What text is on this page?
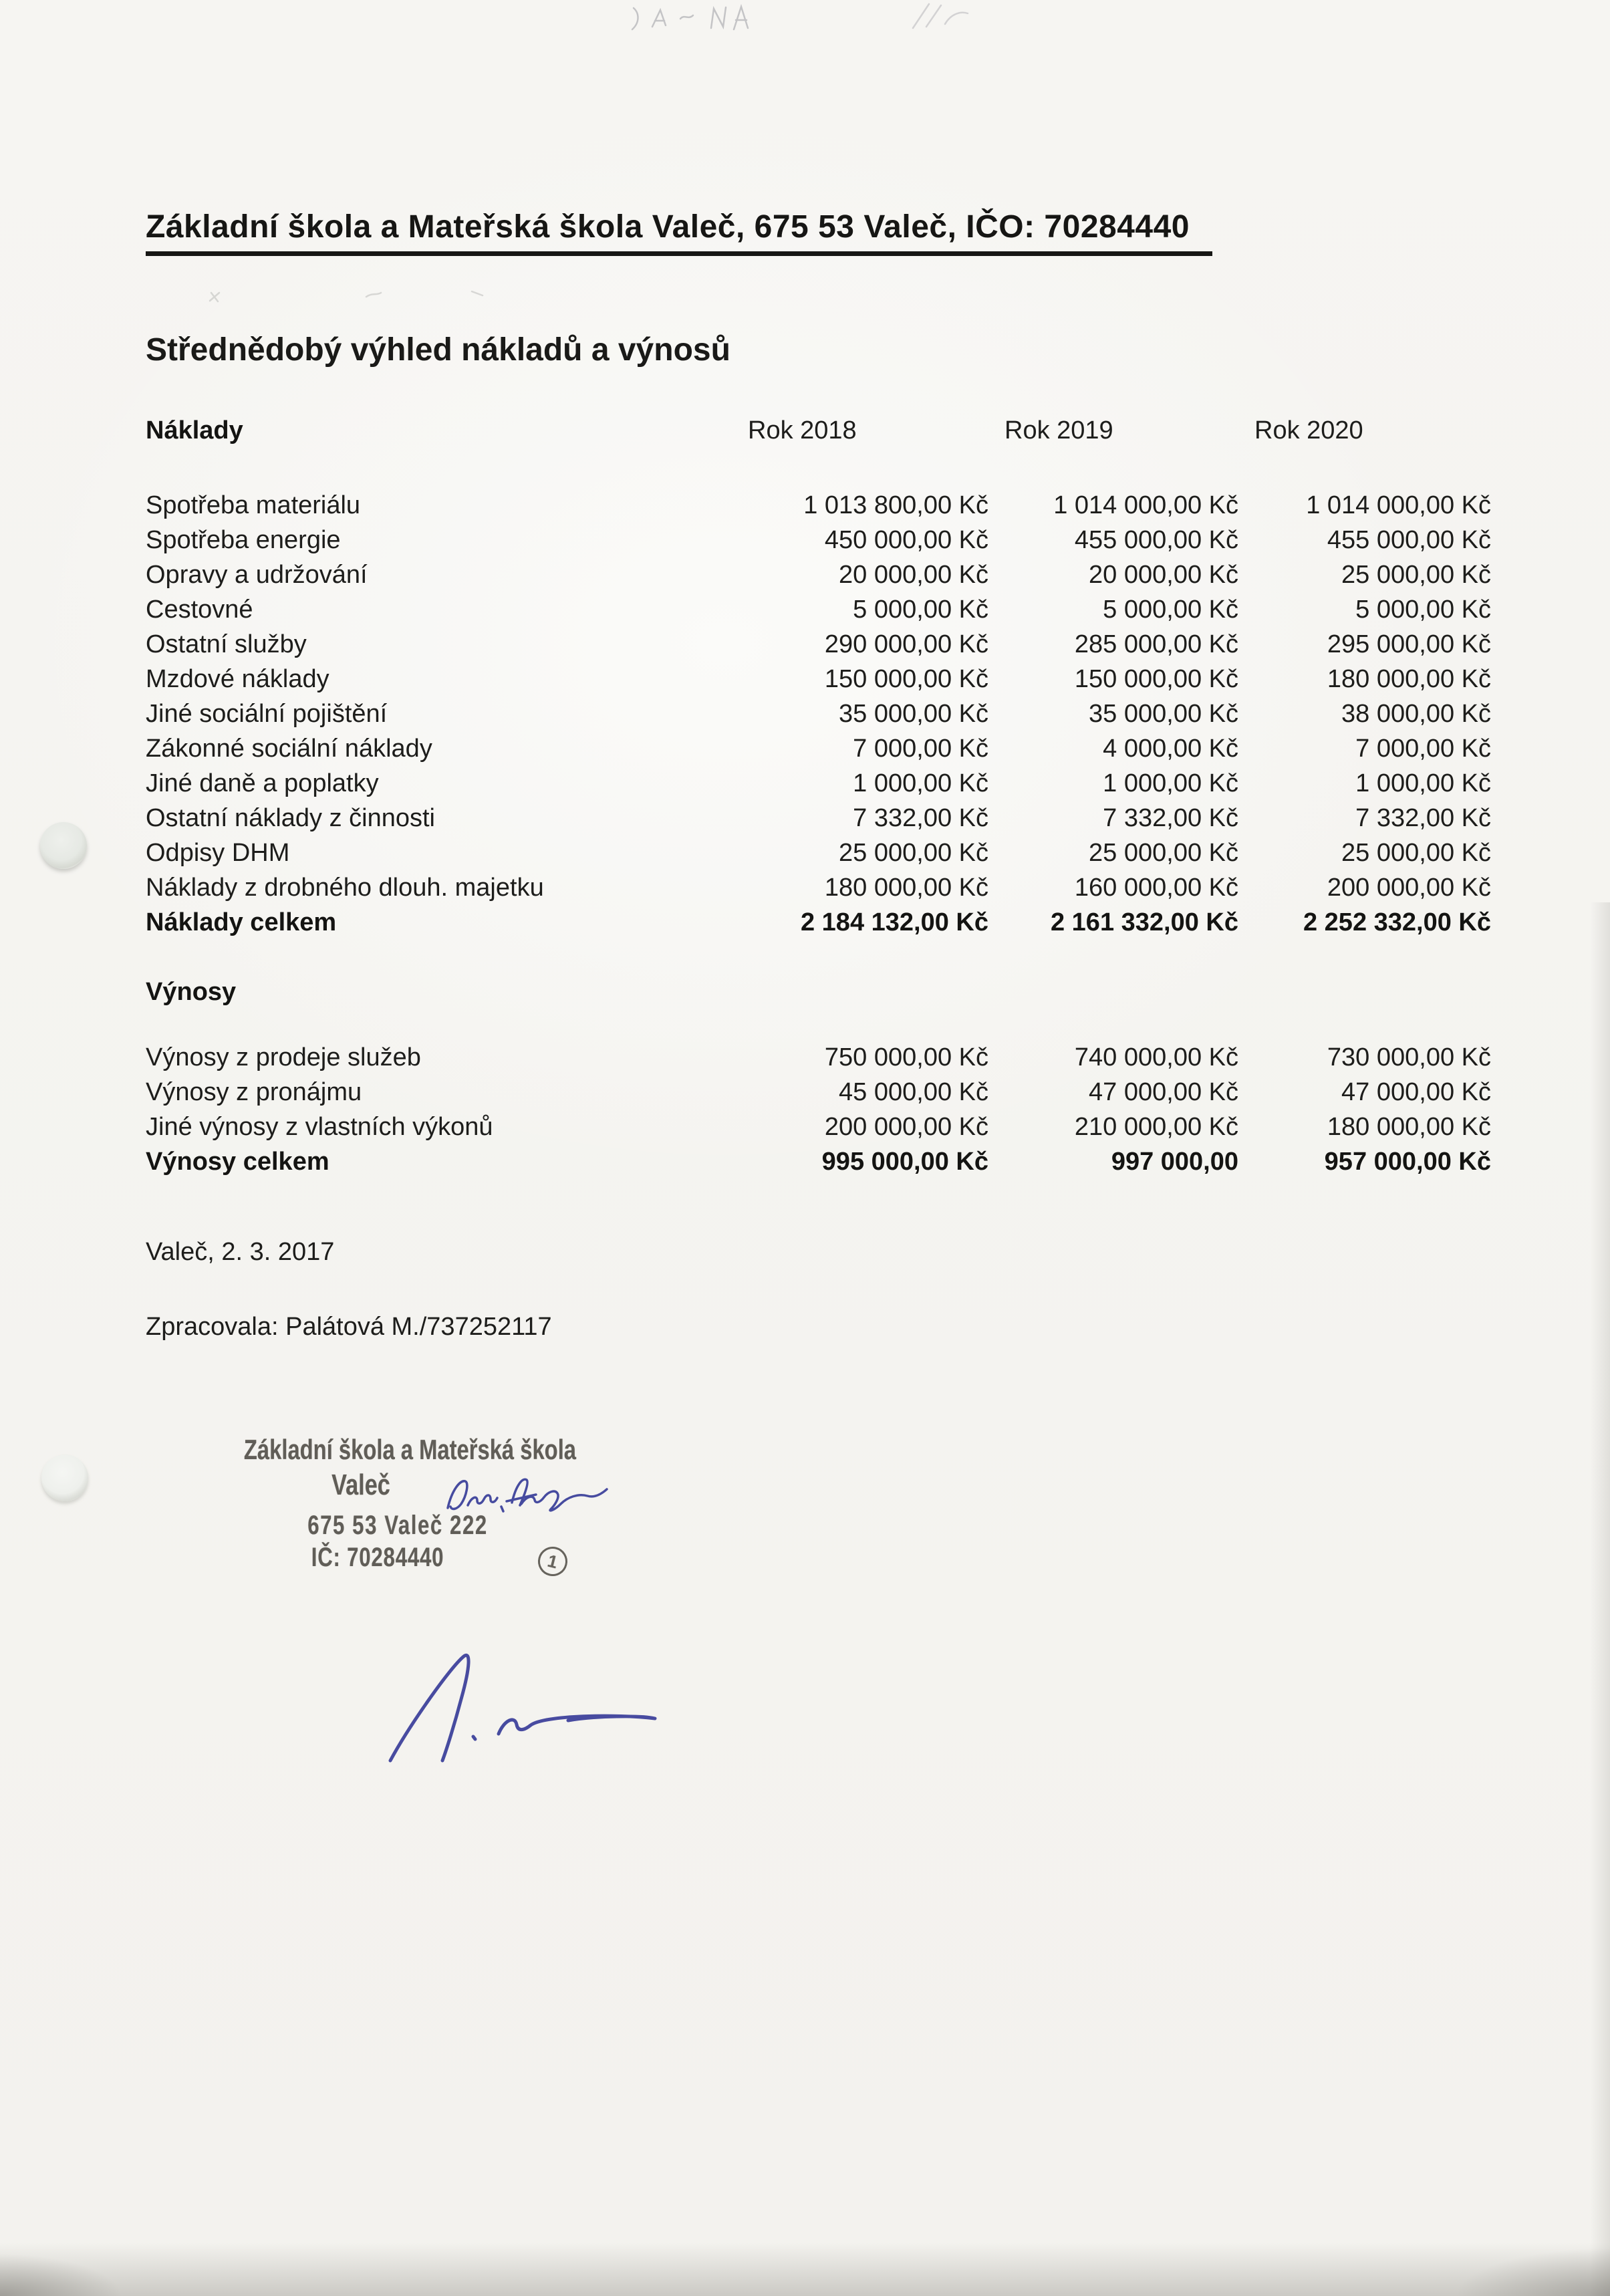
Základní škola a Mateřská škola Valeč, 675 53 Valeč, IČO: 70284440
Střednědobý výhled nákladů a výnosů
Náklady	Rok 2018	Rok 2019	Rok 2020
Spotřeba materiálu	1 013 800,00 Kč	1 014 000,00 Kč	1 014 000,00 Kč
Spotřeba energie	450 000,00 Kč	455 000,00 Kč	455 000,00 Kč
Opravy a udržování	20 000,00 Kč	20 000,00 Kč	25 000,00 Kč
Cestovné	5 000,00 Kč	5 000,00 Kč	5 000,00 Kč
Ostatní služby	290 000,00 Kč	285 000,00 Kč	295 000,00 Kč
Mzdové náklady	150 000,00 Kč	150 000,00 Kč	180 000,00 Kč
Jiné sociální pojištění	35 000,00 Kč	35 000,00 Kč	38 000,00 Kč
Zákonné sociální náklady	7 000,00 Kč	4 000,00 Kč	7 000,00 Kč
Jiné daně a poplatky	1 000,00 Kč	1 000,00 Kč	1 000,00 Kč
Ostatní náklady z činnosti	7 332,00 Kč	7 332,00 Kč	7 332,00 Kč
Odpisy DHM	25 000,00 Kč	25 000,00 Kč	25 000,00 Kč
Náklady z drobného dlouh. majetku	180 000,00 Kč	160 000,00 Kč	200 000,00 Kč
Náklady celkem	2 184 132,00 Kč	2 161 332,00 Kč	2 252 332,00 Kč
Výnosy
Výnosy z prodeje služeb	750 000,00 Kč	740 000,00 Kč	730 000,00 Kč
Výnosy z pronájmu	45 000,00 Kč	47 000,00 Kč	47 000,00 Kč
Jiné výnosy z vlastních výkonů	200 000,00 Kč	210 000,00 Kč	180 000,00 Kč
Výnosy celkem	995 000,00 Kč	997 000,00	957 000,00 Kč
Valeč, 2. 3. 2017
Zpracovala: Palátová M./737252117
Základní škola a Mateřská škola
Valeč
675 53 Valeč 222
IČ: 70284440	1
